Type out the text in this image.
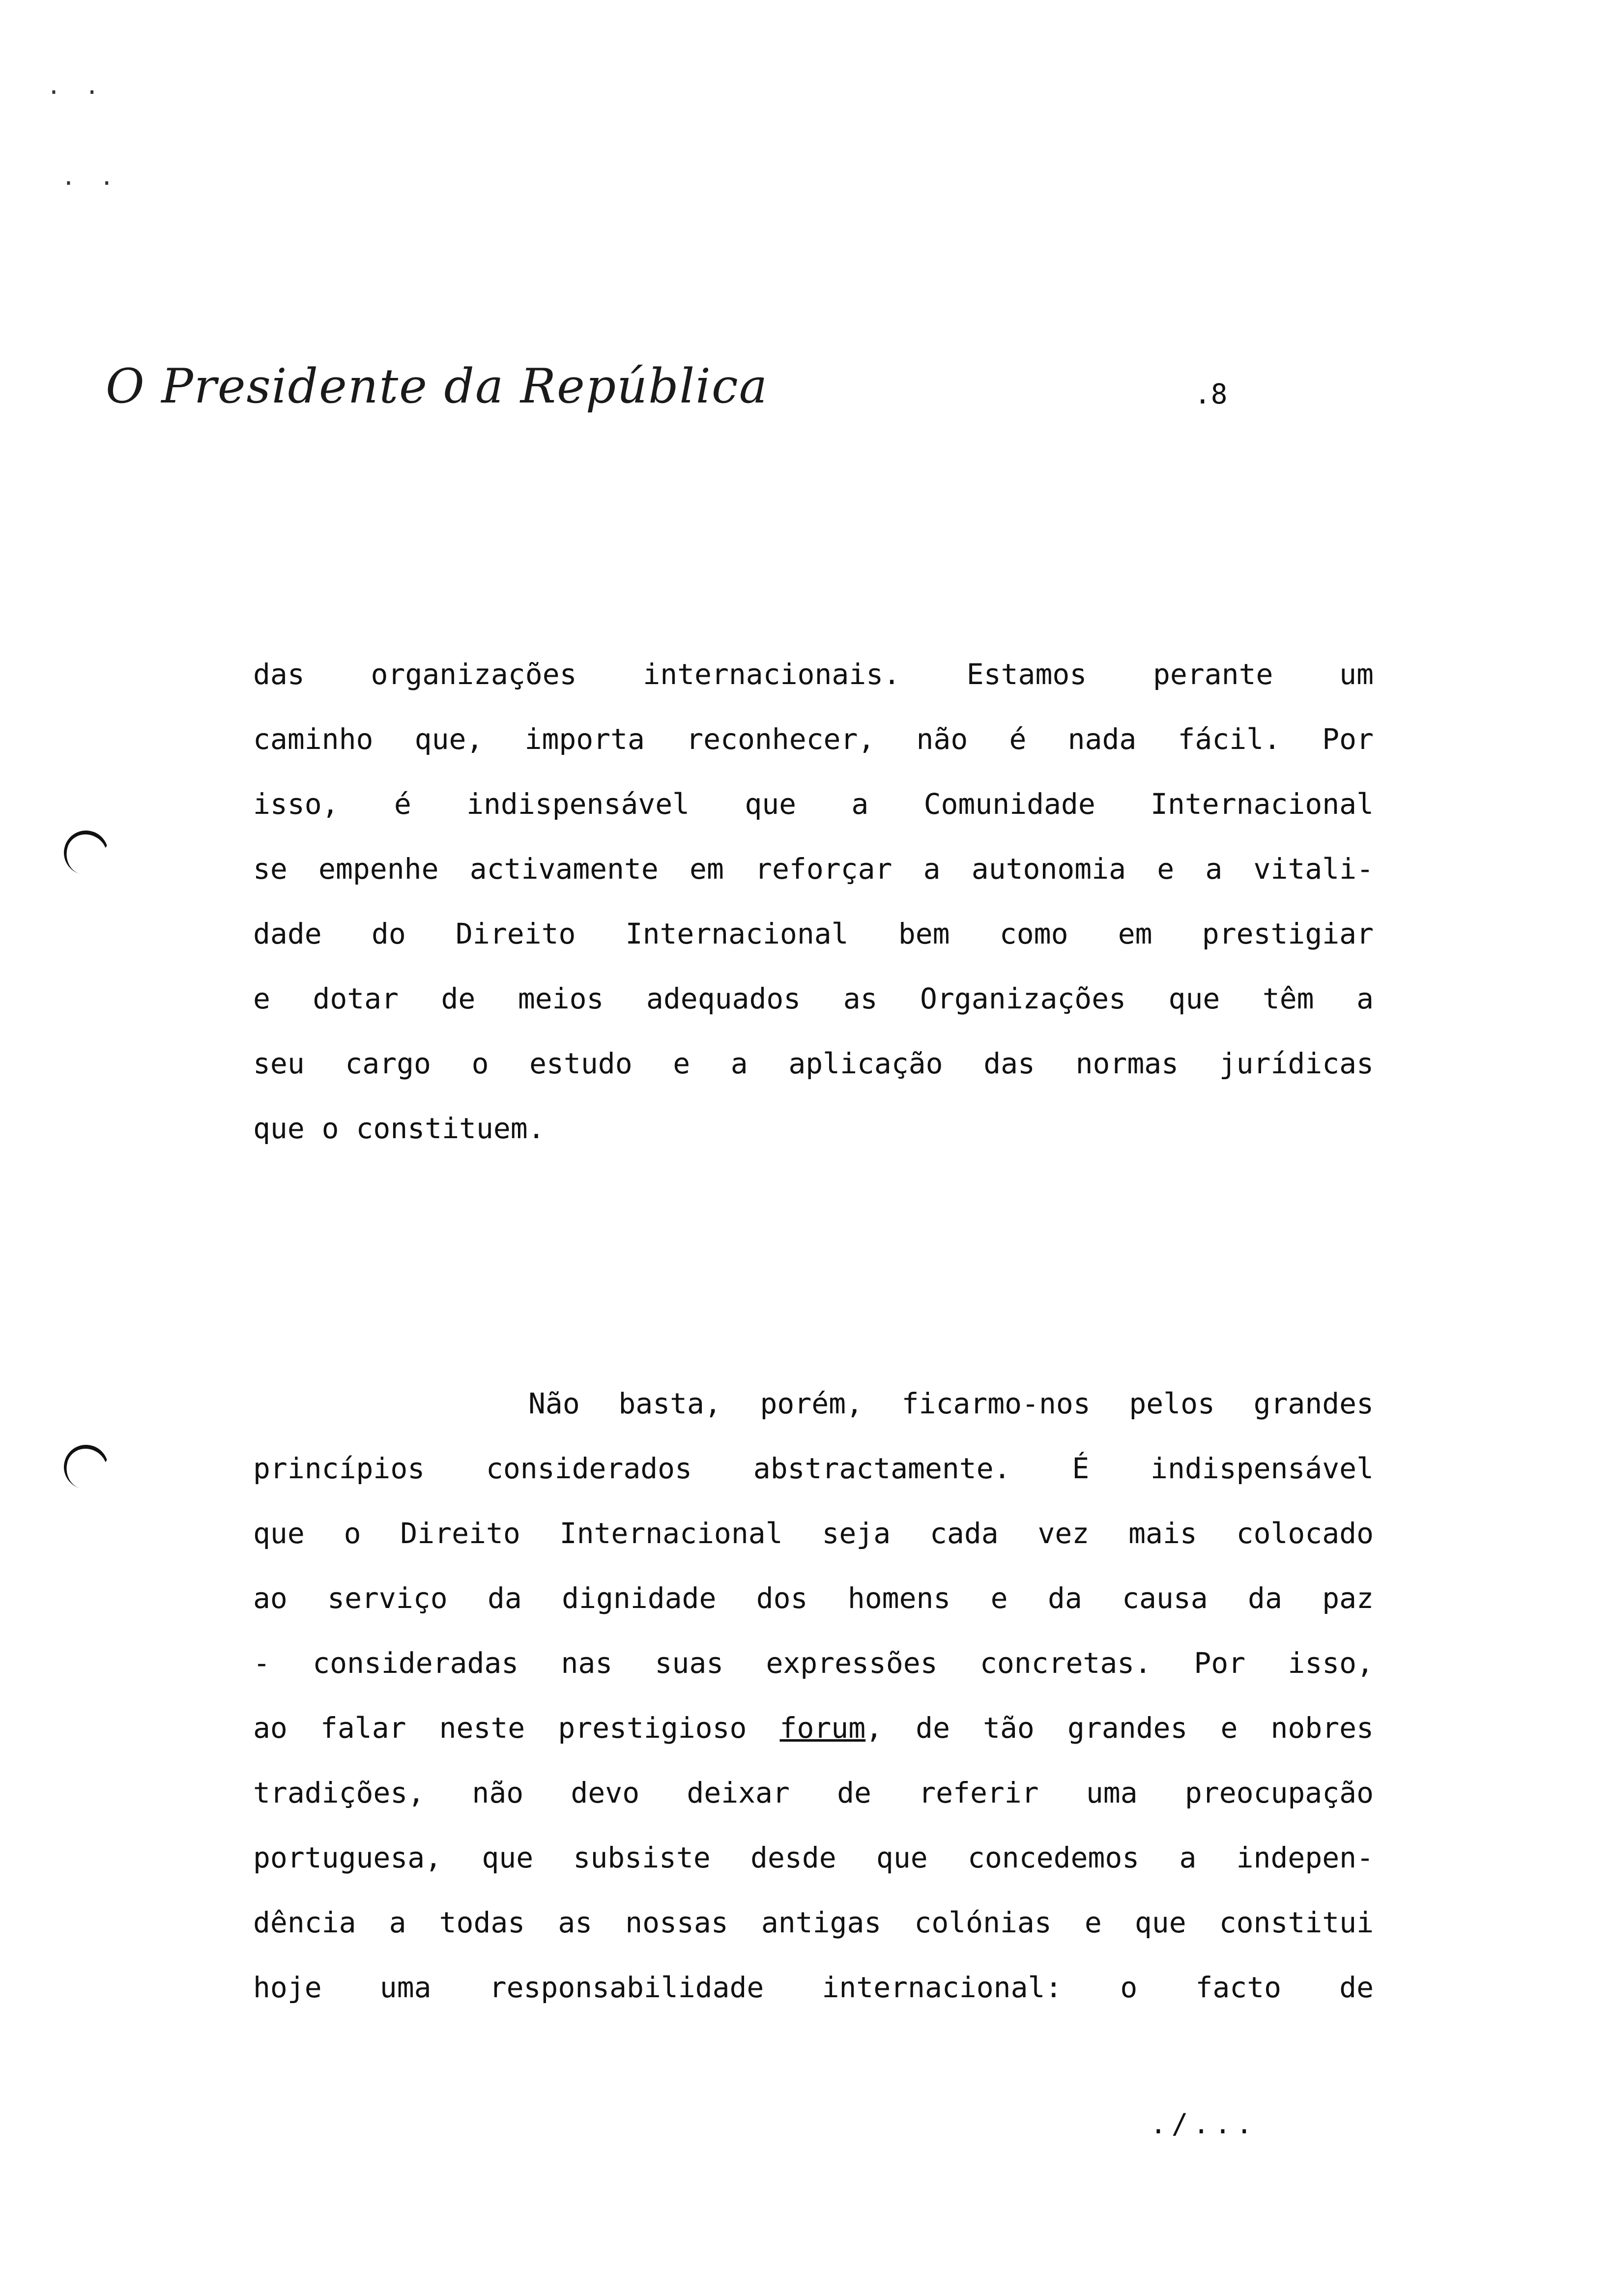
· ·
· ·
O Presidente da República	.8
das organizações internacionais. Estamos perante um
caminho que, importa reconhecer, não é nada fácil. Por
isso, é indispensável que a Comunidade Internacional
se empenhe activamente em reforçar a autonomia e a vitali-
dade do Direito Internacional bem como em prestigiar
e dotar de meios adequados as Organizações que têm a
seu cargo o estudo e a aplicação das normas jurídicas
que o constituem.
Não basta, porém, ficarmo-nos pelos grandes
princípios considerados abstractamente. É indispensável
que o Direito Internacional seja cada vez mais colocado
ao serviço da dignidade dos homens e da causa da paz
- consideradas nas suas expressões concretas. Por isso,
ao falar neste prestigioso forum, de tão grandes e nobres
tradições, não devo deixar de referir uma preocupação
portuguesa, que subsiste desde que concedemos a indepen-
dência a todas as nossas antigas colónias e que constitui
hoje uma responsabilidade internacional: o facto de
./...
